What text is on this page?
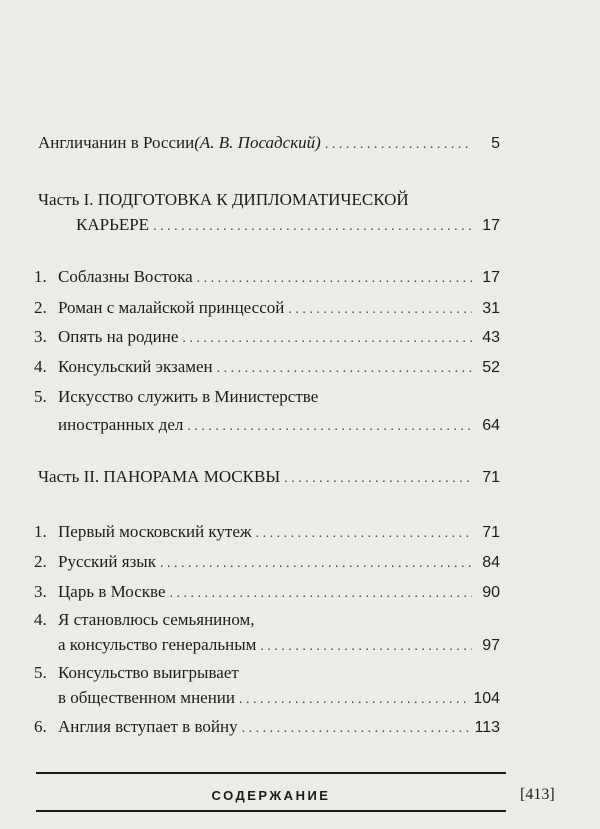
Англичанин в России (А. В. Посадский) . . .	5
Часть I. ПОДГОТОВКА К ДИПЛОМАТИЧЕСКОЙ
КАРЬЕРЕ . . .	17
1. Соблазны Востока . . .	17
2. Роман с малайской принцессой . . .	31
3. Опять на родине . . .	43
4. Консульский экзамен . . .	52
5. Искусство служить в Министерстве
иностранных дел . . .	64
Часть II. ПАНОРАМА МОСКВЫ . . .	71
1. Первый московский кутеж . . .	71
2. Русский язык . . .	84
3. Царь в Москве . . .	90
4. Я становлюсь семьянином,
а консульство генеральным . . .	97
5. Консульство выигрывает
в общественном мнении . . .	104
6. Англия вступает в войну . . .	113
СОДЕРЖАНИЕ	[413]
